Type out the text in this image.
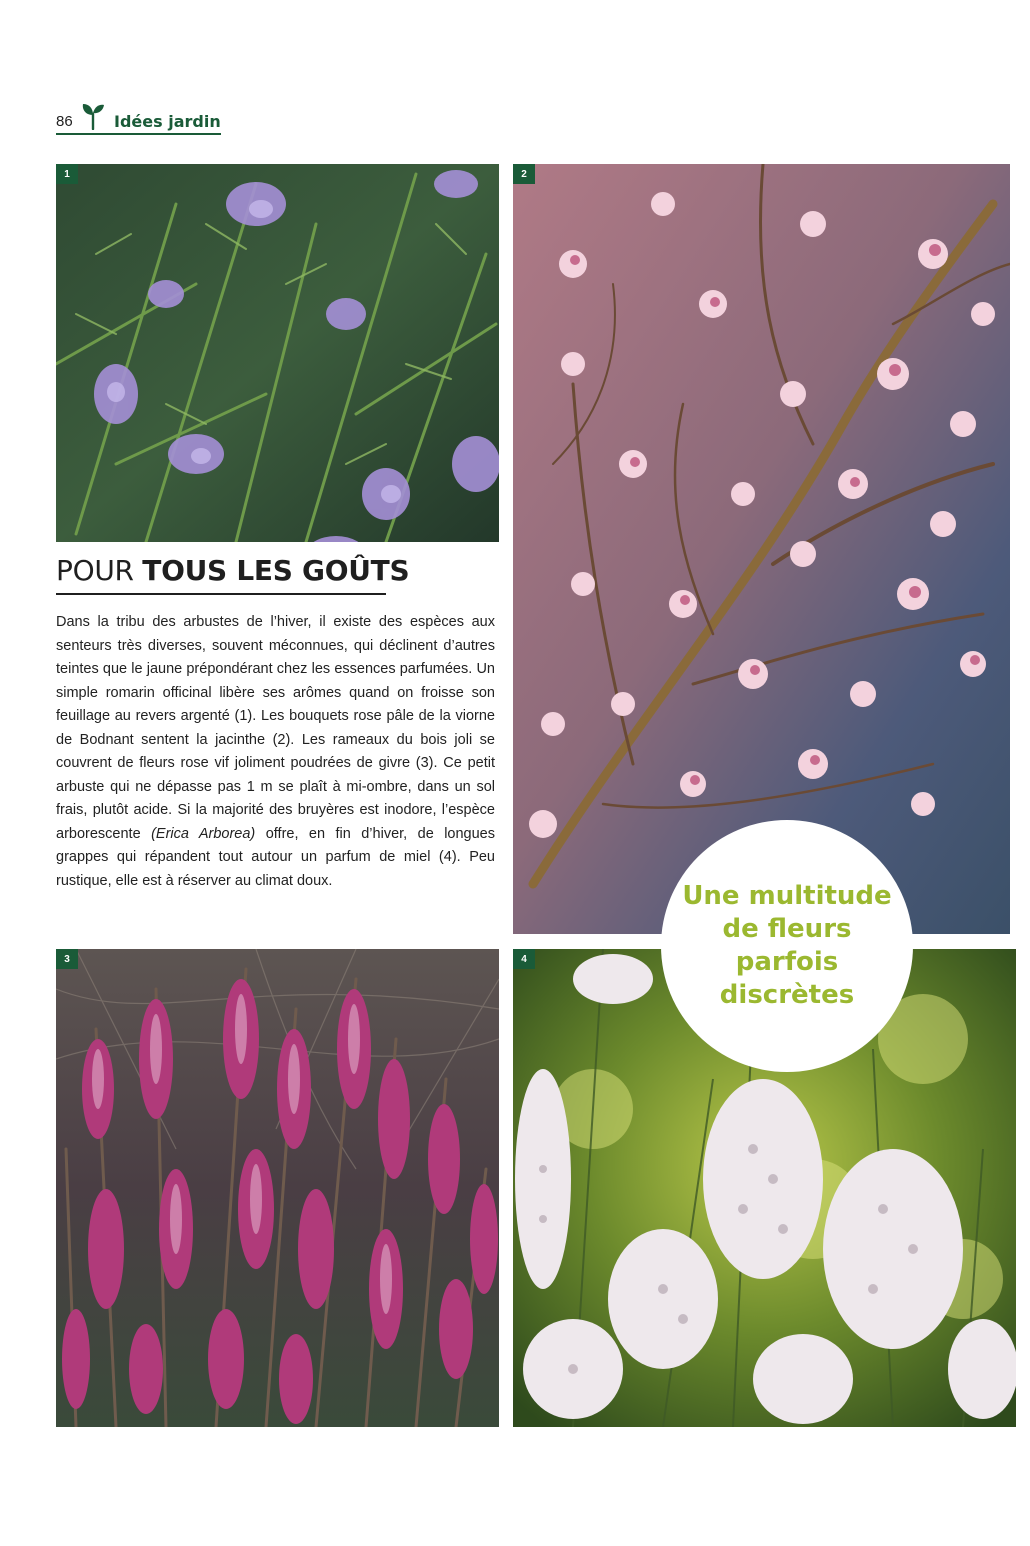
86	Idées jardin
1	2
POUR TOUS LES GOÛTS
Dans la tribu des arbustes de l’hiver, il existe des espèces aux senteurs très diverses, souvent méconnues, qui déclinent d’autres teintes que le jaune prépondérant chez les essences parfumées. Un simple romarin officinal libère ses arômes quand on froisse son feuillage au revers argenté (1). Les bouquets rose pâle de la viorne de Bodnant sentent la jacinthe (2). Les rameaux du bois joli se couvrent de fleurs rose vif joliment poudrées de givre (3). Ce petit arbuste qui ne dépasse pas 1 m se plaît à mi-ombre, dans un sol frais, plutôt acide. Si la majorité des bruyères est inodore, l’espèce arborescente (Erica Arborea) offre, en fin d’hiver, de longues grappes qui répandent tout autour un parfum de miel (4). Peu rustique, elle est à réserver au climat doux.
3	4
Une multitude
de fleurs
parfois
discrètes
